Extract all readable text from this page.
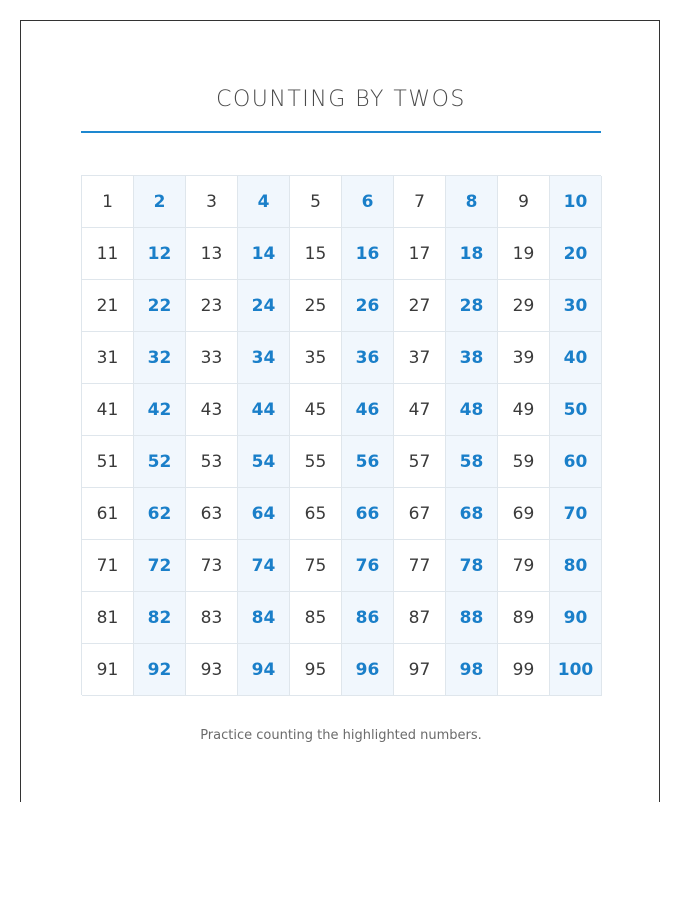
COUNTING BY TWOS
1	2	3	4	5	6	7	8	9	10
11	12	13	14	15	16	17	18	19	20
21	22	23	24	25	26	27	28	29	30
31	32	33	34	35	36	37	38	39	40
41	42	43	44	45	46	47	48	49	50
51	52	53	54	55	56	57	58	59	60
61	62	63	64	65	66	67	68	69	70
71	72	73	74	75	76	77	78	79	80
81	82	83	84	85	86	87	88	89	90
91	92	93	94	95	96	97	98	99	100
Practice counting the highlighted numbers.
